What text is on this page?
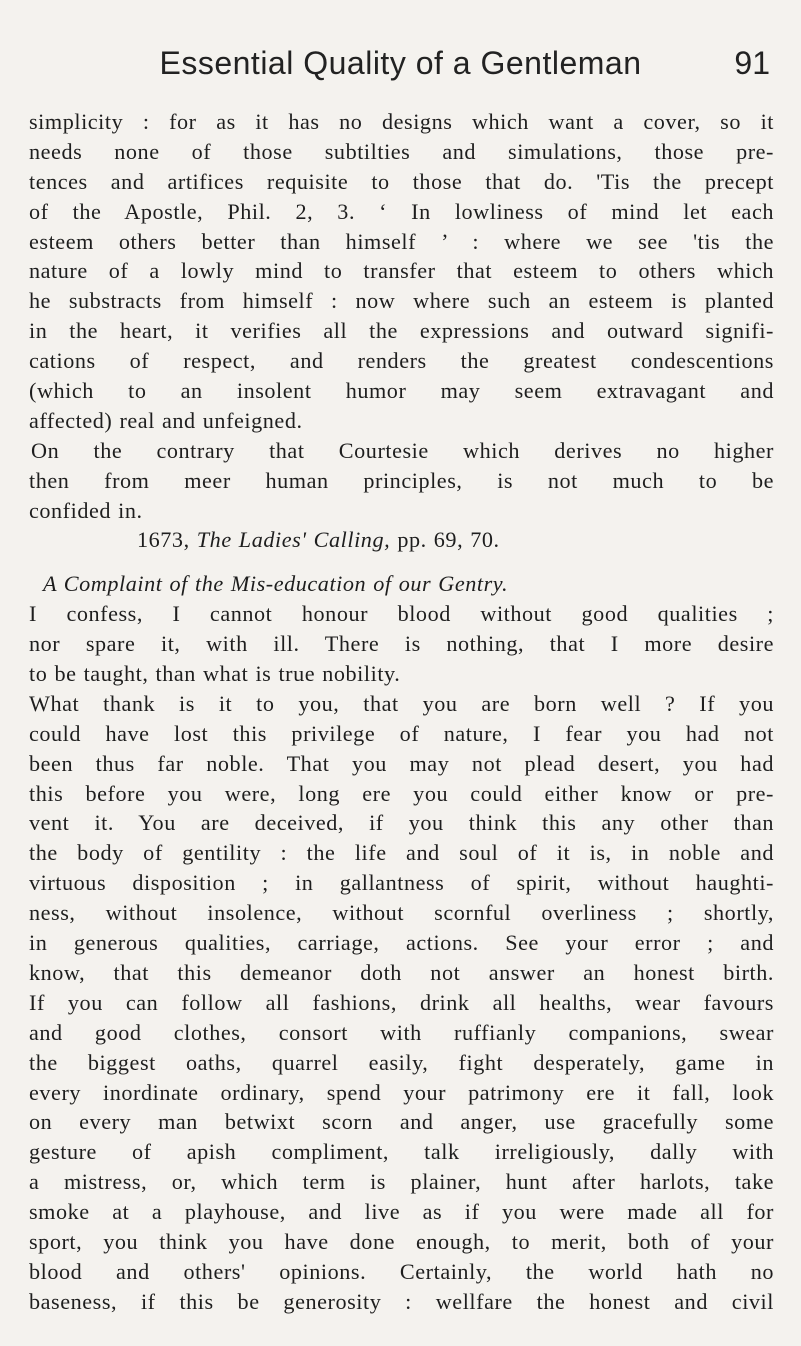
Essential Quality of a Gentleman	91
simplicity : for as it has no designs which want a cover, so it
needs none of those subtilties and simulations, those pre-
tences and artifices requisite to those that do. 'Tis the precept
of the Apostle, Phil. 2, 3. ‘ In lowliness of mind let each
esteem others better than himself ’ : where we see 'tis the
nature of a lowly mind to transfer that esteem to others which
he substracts from himself : now where such an esteem is planted
in the heart, it verifies all the expressions and outward signifi-
cations of respect, and renders the greatest condescentions
(which to an insolent humor may seem extravagant and
affected) real and unfeigned.
On the contrary that Courtesie which derives no higher
then from meer human principles, is not much to be
confided in.
1673, The Ladies' Calling, pp. 69, 70.
A Complaint of the Mis-education of our Gentry.
I confess, I cannot honour blood without good qualities ;
nor spare it, with ill. There is nothing, that I more desire
to be taught, than what is true nobility.
What thank is it to you, that you are born well ? If you
could have lost this privilege of nature, I fear you had not
been thus far noble. That you may not plead desert, you had
this before you were, long ere you could either know or pre-
vent it. You are deceived, if you think this any other than
the body of gentility : the life and soul of it is, in noble and
virtuous disposition ; in gallantness of spirit, without haughti-
ness, without insolence, without scornful overliness ; shortly,
in generous qualities, carriage, actions. See your error ; and
know, that this demeanor doth not answer an honest birth.
If you can follow all fashions, drink all healths, wear favours
and good clothes, consort with ruffianly companions, swear
the biggest oaths, quarrel easily, fight desperately, game in
every inordinate ordinary, spend your patrimony ere it fall, look
on every man betwixt scorn and anger, use gracefully some
gesture of apish compliment, talk irreligiously, dally with
a mistress, or, which term is plainer, hunt after harlots, take
smoke at a playhouse, and live as if you were made all for
sport, you think you have done enough, to merit, both of your
blood and others' opinions. Certainly, the world hath no
baseness, if this be generosity : wellfare the honest and civil
